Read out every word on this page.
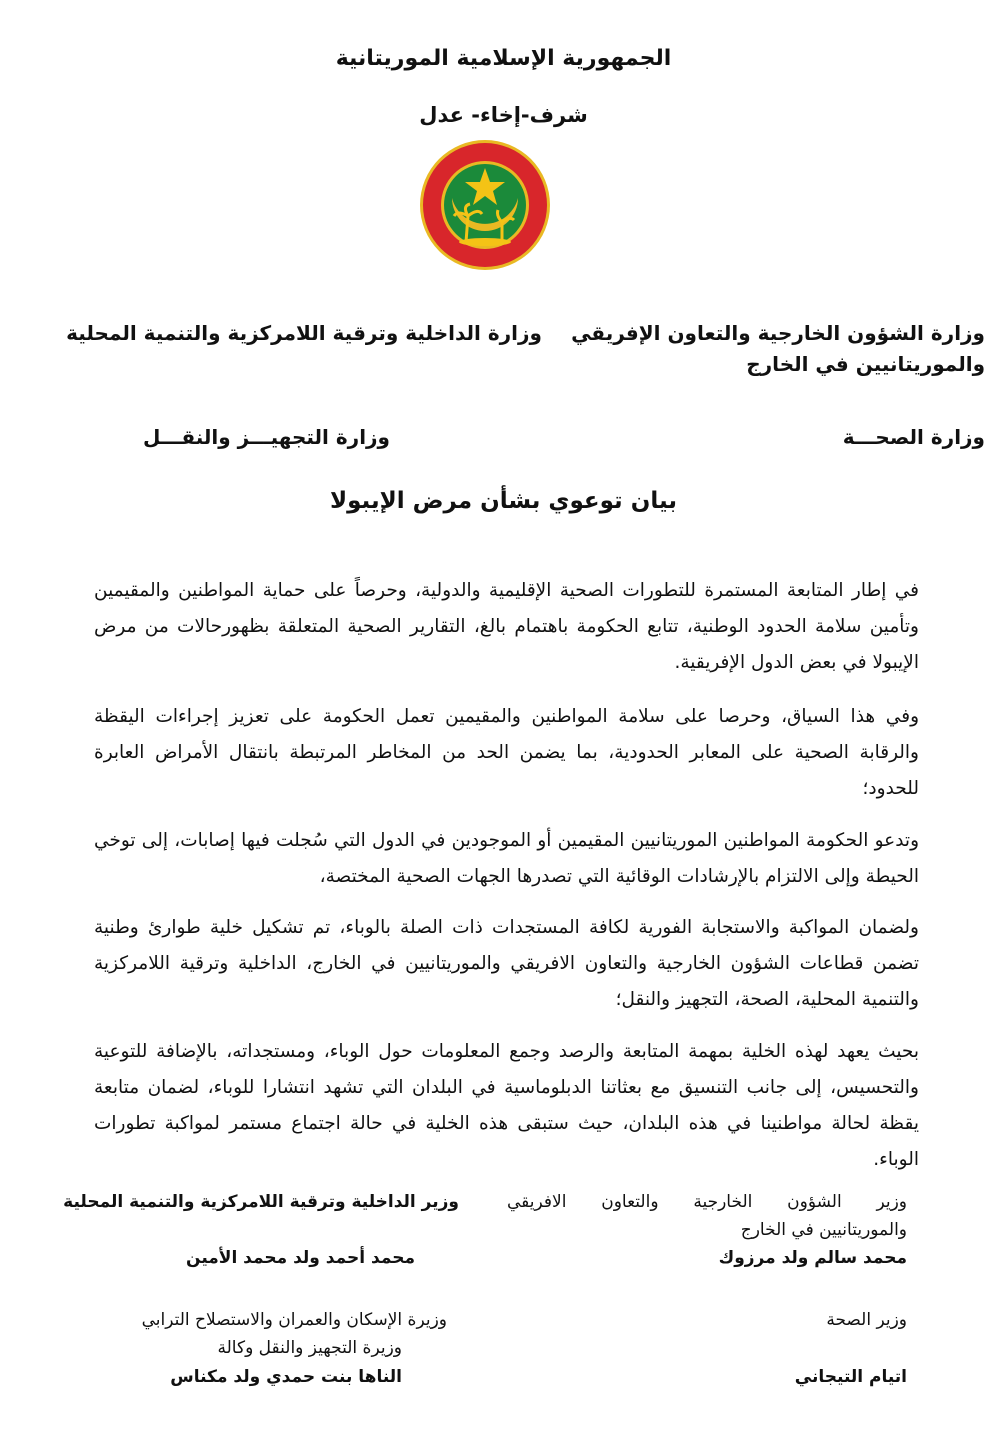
الجمهورية الإسلامية الموريتانية
شرف-إخاء- عدل
وزارة الشؤون الخارجية والتعاون الإفريقي
والموريتانيين في الخارج
وزارة الداخلية وترقية اللامركزية والتنمية المحلية
وزارة الصحـــة
وزارة التجهيـــز والنقـــل
بيان توعوي بشأن مرض الإيبولا
في إطار المتابعة المستمرة للتطورات الصحية الإقليمية والدولية، وحرصاً على حماية المواطنين والمقيمين وتأمين سلامة الحدود الوطنية، تتابع الحكومة باهتمام بالغ، التقارير الصحية المتعلقة بظهورحالات من مرض الإيبولا في بعض الدول الإفريقية.
وفي هذا السياق، وحرصا على سلامة المواطنين والمقيمين تعمل الحكومة على تعزيز إجراءات اليقظة والرقابة الصحية على المعابر الحدودية، بما يضمن الحد من المخاطر المرتبطة بانتقال الأمراض العابرة للحدود؛
وتدعو الحكومة المواطنين الموريتانيين المقيمين أو الموجودين في الدول التي سُجلت فيها إصابات، إلى توخي الحيطة وإلى الالتزام بالإرشادات الوقائية التي تصدرها الجهات الصحية المختصة،
ولضمان المواكبة والاستجابة الفورية لكافة المستجدات ذات الصلة بالوباء، تم تشكيل خلية طوارئ وطنية تضمن قطاعات الشؤون الخارجية والتعاون الافريقي والموريتانيين في الخارج، الداخلية وترقية اللامركزية والتنمية المحلية، الصحة، التجهيز والنقل؛
بحيث يعهد لهذه الخلية بمهمة المتابعة والرصد وجمع المعلومات حول الوباء، ومستجداته، بالإضافة للتوعية والتحسيس، إلى جانب التنسيق مع بعثاتنا الدبلوماسية في البلدان التي تشهد انتشارا للوباء، لضمان متابعة يقظة لحالة مواطنينا في هذه البلدان، حيث ستبقى هذه الخلية في حالة اجتماع مستمر لمواكبة تطورات الوباء.
وزير الشؤون الخارجية والتعاون الافريقي
والموريتانيين في الخارج
محمد سالم ولد مرزوك
وزير الداخلية وترقية اللامركزية والتنمية المحلية
محمد أحمد ولد محمد الأمين
وزير الصحة
اتيام التيجاني
وزيرة الإسكان والعمران والاستصلاح الترابي
وزيرة التجهيز والنقل وكالة
الناها بنت حمدي ولد مكناس
